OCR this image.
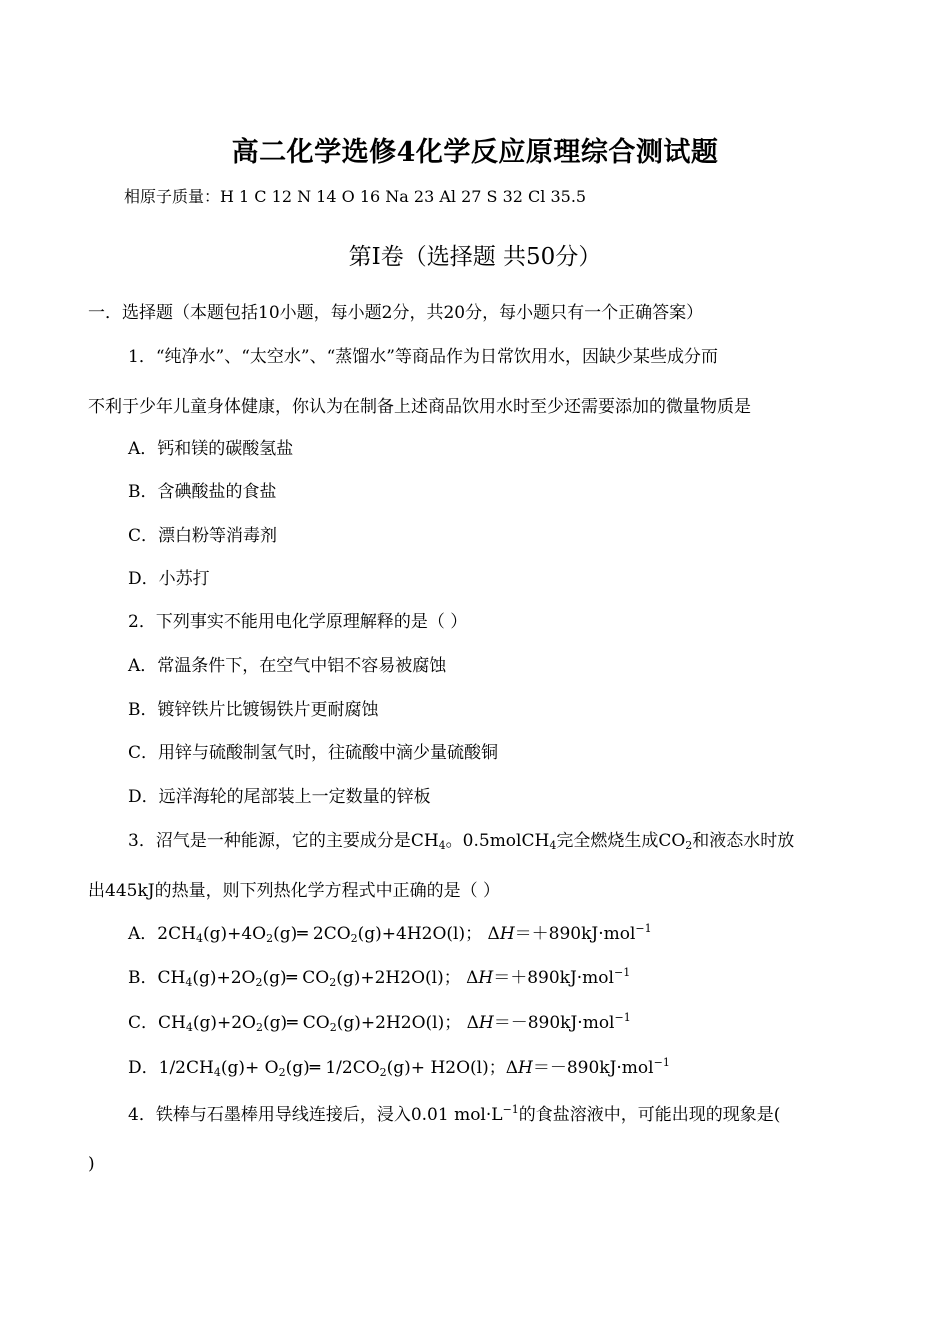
高二化学选修4化学反应原理综合测试题
相原子质量：H 1 C 12 N 14 O 16 Na 23 Al 27 S 32 Cl 35.5
第I卷（选择题 共50分）
一．选择题（本题包括10小题，每小题2分，共20分，每小题只有一个正确答案）
1．“纯净水”、“太空水”、“蒸馏水”等商品作为日常饮用水，因缺少某些成分而
不利于少年儿童身体健康，你认为在制备上述商品饮用水时至少还需要添加的微量物质是
A．钙和镁的碳酸氢盐
B．含碘酸盐的食盐
C．漂白粉等消毒剂
D．小苏打
2．下列事实不能用电化学原理解释的是（ ）
A．常温条件下，在空气中铝不容易被腐蚀
B．镀锌铁片比镀锡铁片更耐腐蚀
C．用锌与硫酸制氢气时，往硫酸中滴少量硫酸铜
D．远洋海轮的尾部装上一定数量的锌板
3．沼气是一种能源，它的主要成分是$CH_4$。0.5molCH$_4$完全燃烧生成$CO_2$和液态水时放
出445kJ的热量，则下列热化学方程式中正确的是（ ）
A．$2CH_4(g)+4O_2(g)═$ $2CO_2(g)+4H2O(l)$； ΔH＝＋890kJ·mol$^{-1}$
B．$CH_4(g)+2O_2(g)═$ $CO_2(g)+2H2O(l)$； ΔH＝＋890kJ·mol$^{-1}$
C．$CH_4(g)+2O_2(g)═$ $CO_2(g)+2H2O(l)$； ΔH＝－890kJ·mol$^{-1}$
D．$1/2CH_4(g)+$ $O_2(g)═$ $1/2CO_2(g)+ H2O(l)$；ΔH＝－890kJ·mol$^{-1}$
4．铁棒与石墨棒用导线连接后，浸入0.01 $mol\cdot L^{-1}$的食盐溶液中，可能出现的现象是(
)
